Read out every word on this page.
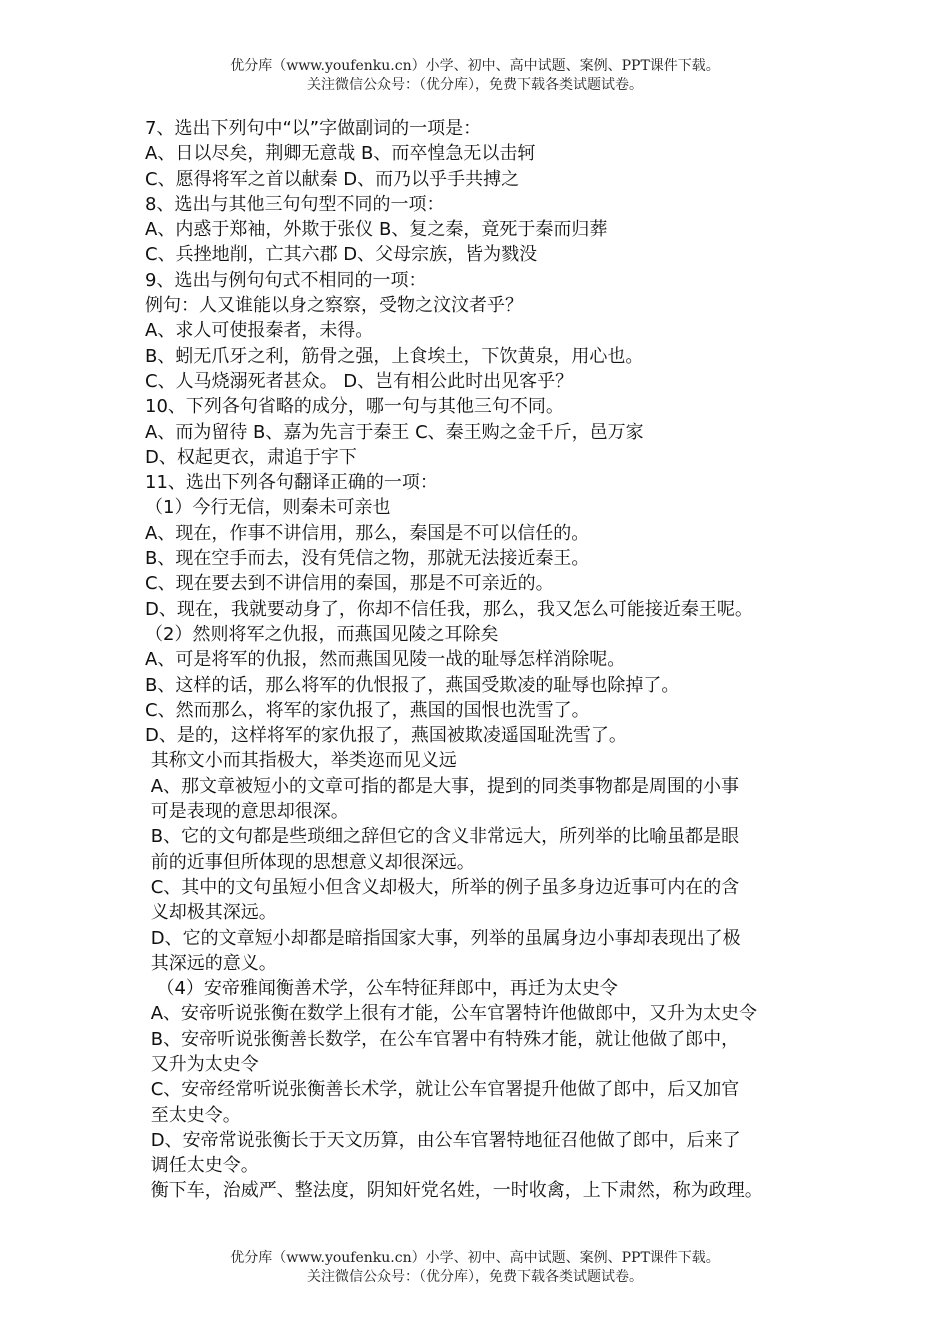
优分库（www.youfenku.cn）小学、初中、高中试题、案例、PPT课件下载。
关注微信公众号：（优分库），免费下载各类试题试卷。
7、选出下列句中“以”字做副词的一项是：
A、日以尽矣，荆卿无意哉 B、而卒惶急无以击轲
C、愿得将军之首以献秦 D、而乃以乎手共搏之
8、选出与其他三句句型不同的一项：
A、内惑于郑袖，外欺于张仪 B、复之秦，竟死于秦而归葬
C、兵挫地削，亡其六郡 D、父母宗族，皆为戮没
9、选出与例句句式不相同的一项：
例句：人又谁能以身之察察，受物之汶汶者乎？
A、求人可使报秦者，未得。
B、蚓无爪牙之利，筋骨之强，上食埃土，下饮黄泉，用心也。
C、人马烧溺死者甚众。 D、岂有相公此时出见客乎？
10、下列各句省略的成分，哪一句与其他三句不同。
A、而为留待 B、嘉为先言于秦王 C、秦王购之金千斤，邑万家
D、权起更衣，肃追于宇下
11、选出下列各句翻译正确的一项：
（1）今行无信，则秦未可亲也
A、现在，作事不讲信用，那么，秦国是不可以信任的。
B、现在空手而去，没有凭信之物，那就无法接近秦王。
C、现在要去到不讲信用的秦国，那是不可亲近的。
D、现在，我就要动身了，你却不信任我，那么，我又怎么可能接近秦王呢。
（2）然则将军之仇报，而燕国见陵之耳除矣
A、可是将军的仇报，然而燕国见陵一战的耻辱怎样消除呢。
B、这样的话，那么将军的仇恨报了，燕国受欺凌的耻辱也除掉了。
C、然而那么，将军的家仇报了，燕国的国恨也洗雪了。
D、是的，这样将军的家仇报了，燕国被欺凌遥国耻洗雪了。
其称文小而其指极大，举类迩而见义远
A、那文章被短小的文章可指的都是大事，提到的同类事物都是周围的小事
可是表现的意思却很深。
B、它的文句都是些琐细之辞但它的含义非常远大，所列举的比喻虽都是眼
前的近事但所体现的思想意义却很深远。
C、其中的文句虽短小但含义却极大，所举的例子虽多身边近事可内在的含
义却极其深远。
D、它的文章短小却都是暗指国家大事，列举的虽属身边小事却表现出了极
其深远的意义。
（4）安帝雅闻衡善术学，公车特征拜郎中，再迁为太史令
A、安帝听说张衡在数学上很有才能，公车官署特许他做郎中，又升为太史令
B、安帝听说张衡善长数学，在公车官署中有特殊才能，就让他做了郎中，
又升为太史令
C、安帝经常听说张衡善长术学，就让公车官署提升他做了郎中，后又加官
至太史令。
D、安帝常说张衡长于天文历算，由公车官署特地征召他做了郎中，后来了
调任太史令。
衡下车，治威严、整法度，阴知奸党名姓，一时收禽，上下肃然，称为政理。
优分库（www.youfenku.cn）小学、初中、高中试题、案例、PPT课件下载。
关注微信公众号：（优分库），免费下载各类试题试卷。
